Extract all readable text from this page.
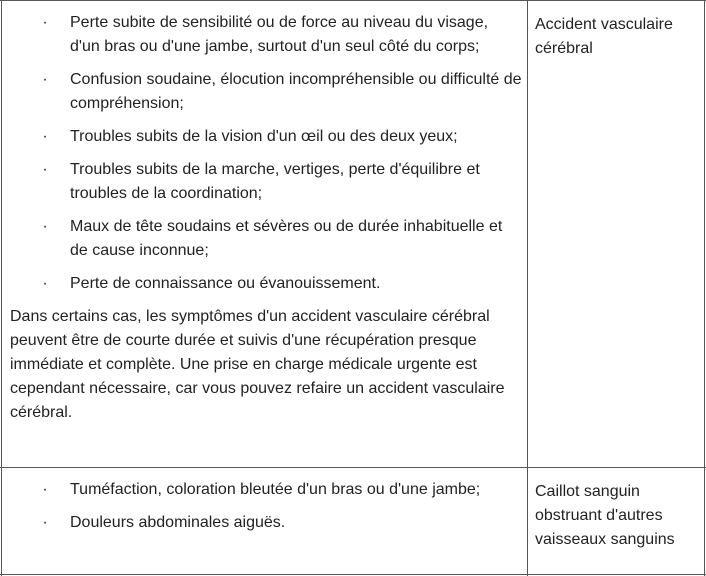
· Perte subite de sensibilité ou de force au niveau du visage, d'un bras ou d'une jambe, surtout d'un seul côté du corps;
· Confusion soudaine, élocution incompréhensible ou difficulté de compréhension;
· Troubles subits de la vision d'un œil ou des deux yeux;
· Troubles subits de la marche, vertiges, perte d'équilibre et troubles de la coordination;
· Maux de tête soudains et sévères ou de durée inhabituelle et de cause inconnue;
· Perte de connaissance ou évanouissement.
Dans certains cas, les symptômes d'un accident vasculaire cérébral peuvent être de courte durée et suivis d'une récupération presque immédiate et complète. Une prise en charge médicale urgente est cependant nécessaire, car vous pouvez refaire un accident vasculaire cérébral.
Accident vasculaire cérébral
· Tuméfaction, coloration bleutée d'un bras ou d'une jambe;
· Douleurs abdominales aiguës.
Caillot sanguin obstruant d'autres vaisseaux sanguins
